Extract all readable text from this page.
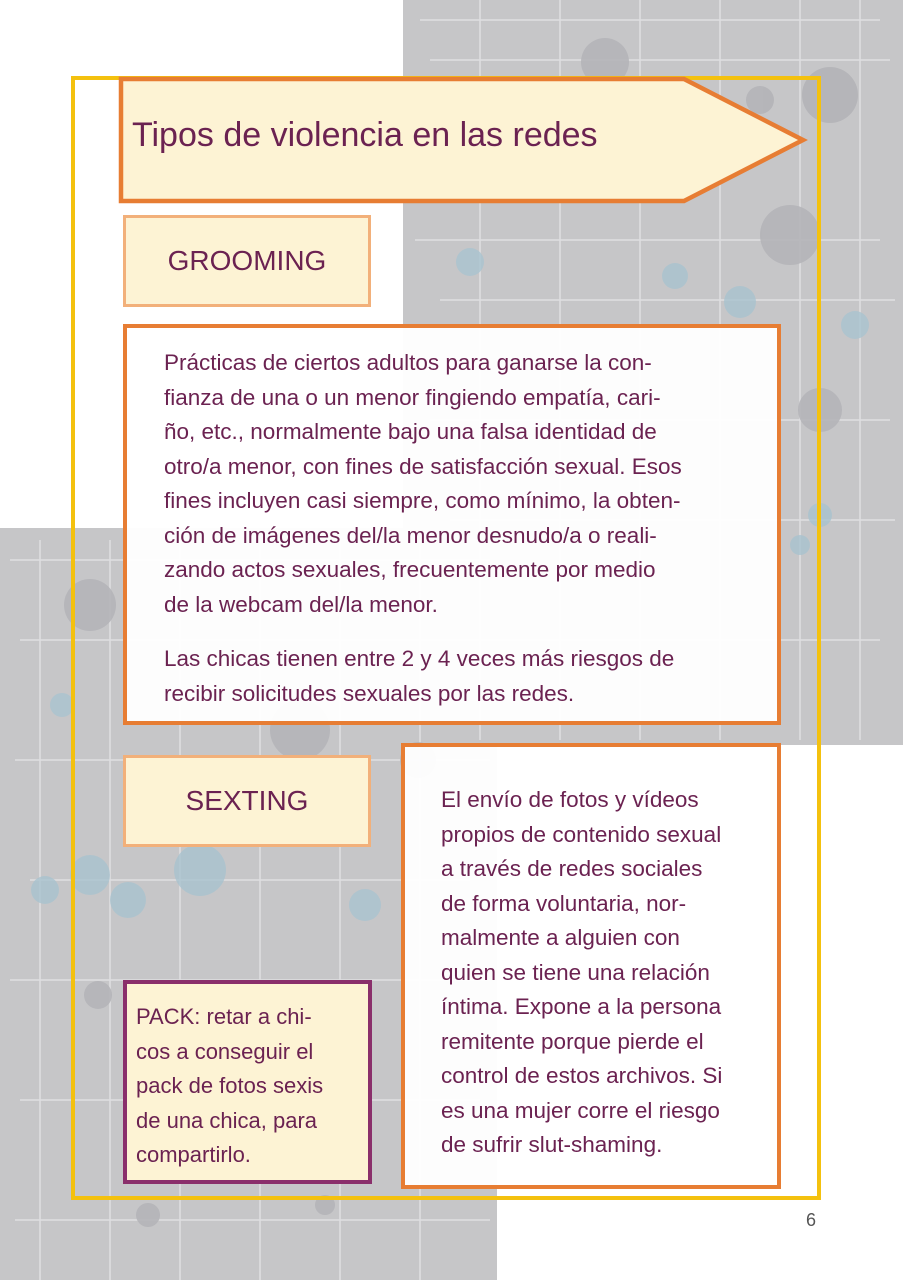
Tipos de violencia en las redes
GROOMING

Prácticas de ciertos adultos para ganarse la con-
fianza de una o un menor fingiendo empatía, cari-
ño, etc., normalmente bajo una falsa identidad de
otro/a menor, con fines de satisfacción sexual. Esos
fines incluyen casi siempre, como mínimo, la obten-
ción de imágenes del/la menor desnudo/a o reali-
zando actos sexuales, frecuentemente por medio
de la webcam del/la menor.

Las chicas tienen entre 2 y 4 veces más riesgos de
recibir solicitudes sexuales por las redes.

SEXTING	El envío de fotos y vídeos
propios de contenido sexual
a través de redes sociales
de forma voluntaria, nor-
malmente a alguien con
quien se tiene una relación
íntima. Expone a la persona
remitente porque pierde el
control de estos archivos. Si
es una mujer corre el riesgo
de sufrir slut-shaming.

PACK: retar a chi-
cos a conseguir el
pack de fotos sexis
de una chica, para
compartirlo.
6
